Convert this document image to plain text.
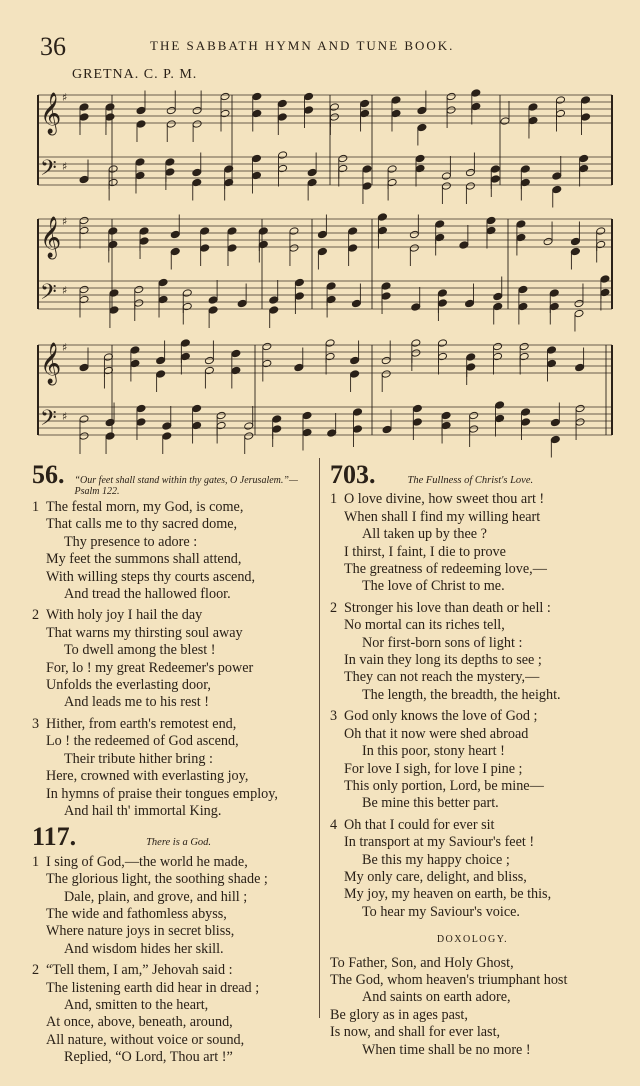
36	THE SABBATH HYMN AND TUNE BOOK.
GRETNA. C. P. M.
𝄞 ♯
𝄢 ♯
𝄞 ♯
𝄢 ♯
𝄞 ♯
𝄢 ♯
56. “Our feet shall stand within thy gates, O Jerusalem.”—Psalm 122.
1 The festal morn, my God, is come,
That calls me to thy sacred dome,
Thy presence to adore :
My feet the summons shall attend,
With willing steps thy courts ascend,
And tread the hallowed floor.
2 With holy joy I hail the day
That warns my thirsting soul away
To dwell among the blest !
For, lo ! my great Redeemer's power
Unfolds the everlasting door,
And leads me to his rest !
3 Hither, from earth's remotest end,
Lo ! the redeemed of God ascend,
Their tribute hither bring :
Here, crowned with everlasting joy,
In hymns of praise their tongues employ,
And hail th' immortal King.
117.	There is a God.
1 I sing of God,—the world he made,
The glorious light, the soothing shade ;
Dale, plain, and grove, and hill ;
The wide and fathomless abyss,
Where nature joys in secret bliss,
And wisdom hides her skill.
2 “Tell them, I am,” Jehovah said :
The listening earth did hear in dread ;
And, smitten to the heart,
At once, above, beneath, around,
All nature, without voice or sound,
Replied, “O Lord, Thou art !”
703.	The Fullness of Christ's Love.
1 O love divine, how sweet thou art !
When shall I find my willing heart
All taken up by thee ?
I thirst, I faint, I die to prove
The greatness of redeeming love,—
The love of Christ to me.
2 Stronger his love than death or hell :
No mortal can its riches tell,
Nor first-born sons of light :
In vain they long its depths to see ;
They can not reach the mystery,—
The length, the breadth, the height.
3 God only knows the love of God ;
Oh that it now were shed abroad
In this poor, stony heart !
For love I sigh, for love I pine ;
This only portion, Lord, be mine—
Be mine this better part.
4 Oh that I could for ever sit
In transport at my Saviour's feet !
Be this my happy choice ;
My only care, delight, and bliss,
My joy, my heaven on earth, be this,
To hear my Saviour's voice.
DOXOLOGY.
To Father, Son, and Holy Ghost,
The God, whom heaven's triumphant host
And saints on earth adore,
Be glory as in ages past,
Is now, and shall for ever last,
When time shall be no more !
